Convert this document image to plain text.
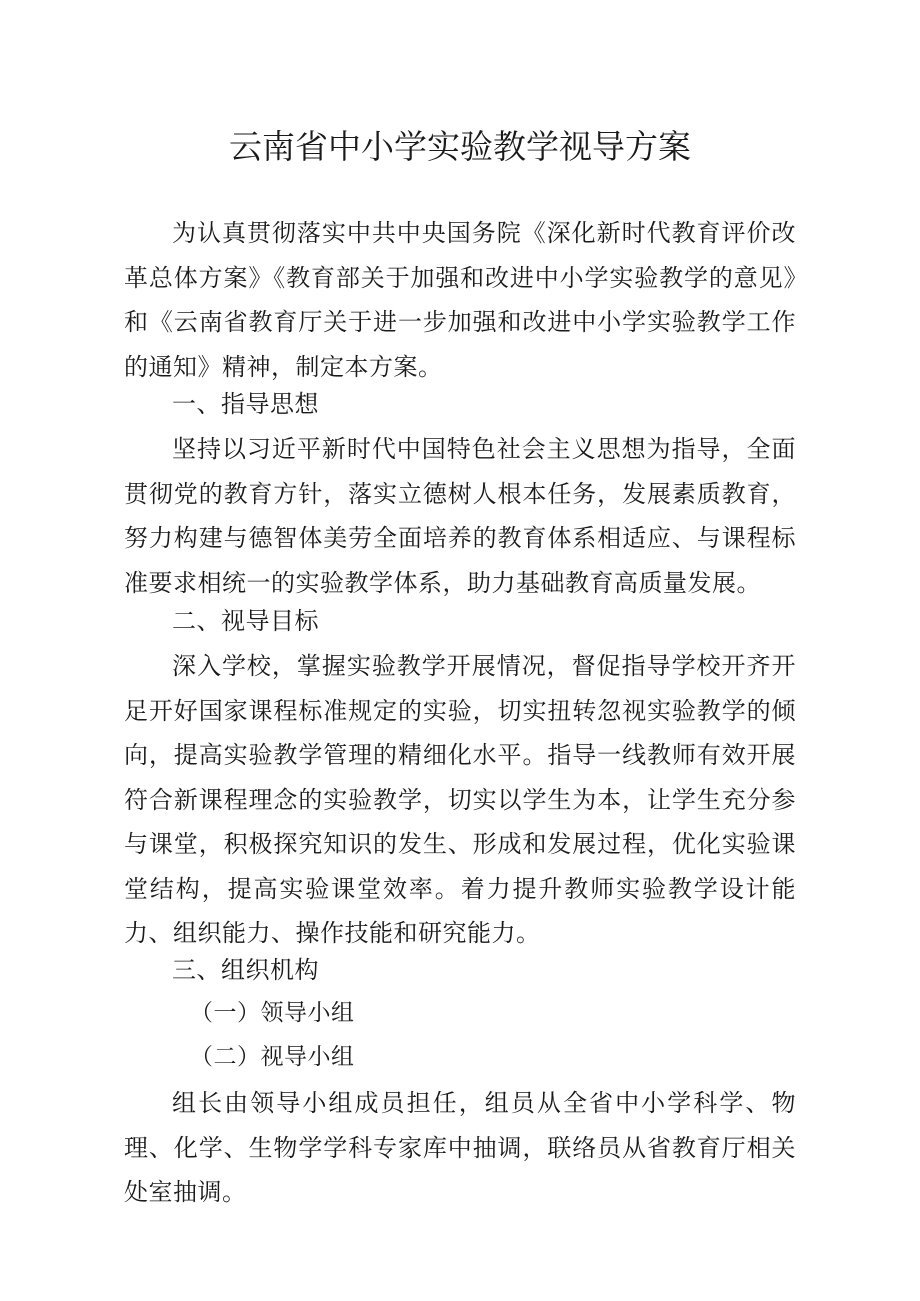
云南省中小学实验教学视导方案

为认真贯彻落实中共中央国务院《深化新时代教育评价改革总体方案》《教育部关于加强和改进中小学实验教学的意见》和《云南省教育厅关于进一步加强和改进中小学实验教学工作的通知》精神，制定本方案。

一、指导思想

坚持以习近平新时代中国特色社会主义思想为指导，全面贯彻党的教育方针，落实立德树人根本任务，发展素质教育，努力构建与德智体美劳全面培养的教育体系相适应、与课程标准要求相统一的实验教学体系，助力基础教育高质量发展。

二、视导目标

深入学校，掌握实验教学开展情况，督促指导学校开齐开足开好国家课程标准规定的实验，切实扭转忽视实验教学的倾向，提高实验教学管理的精细化水平。指导一线教师有效开展符合新课程理念的实验教学，切实以学生为本，让学生充分参与课堂，积极探究知识的发生、形成和发展过程，优化实验课堂结构，提高实验课堂效率。着力提升教师实验教学设计能力、组织能力、操作技能和研究能力。

三、组织机构
（一）领导小组
（二）视导小组

组长由领导小组成员担任，组员从全省中小学科学、物理、化学、生物学学科专家库中抽调，联络员从省教育厅相关处室抽调。
